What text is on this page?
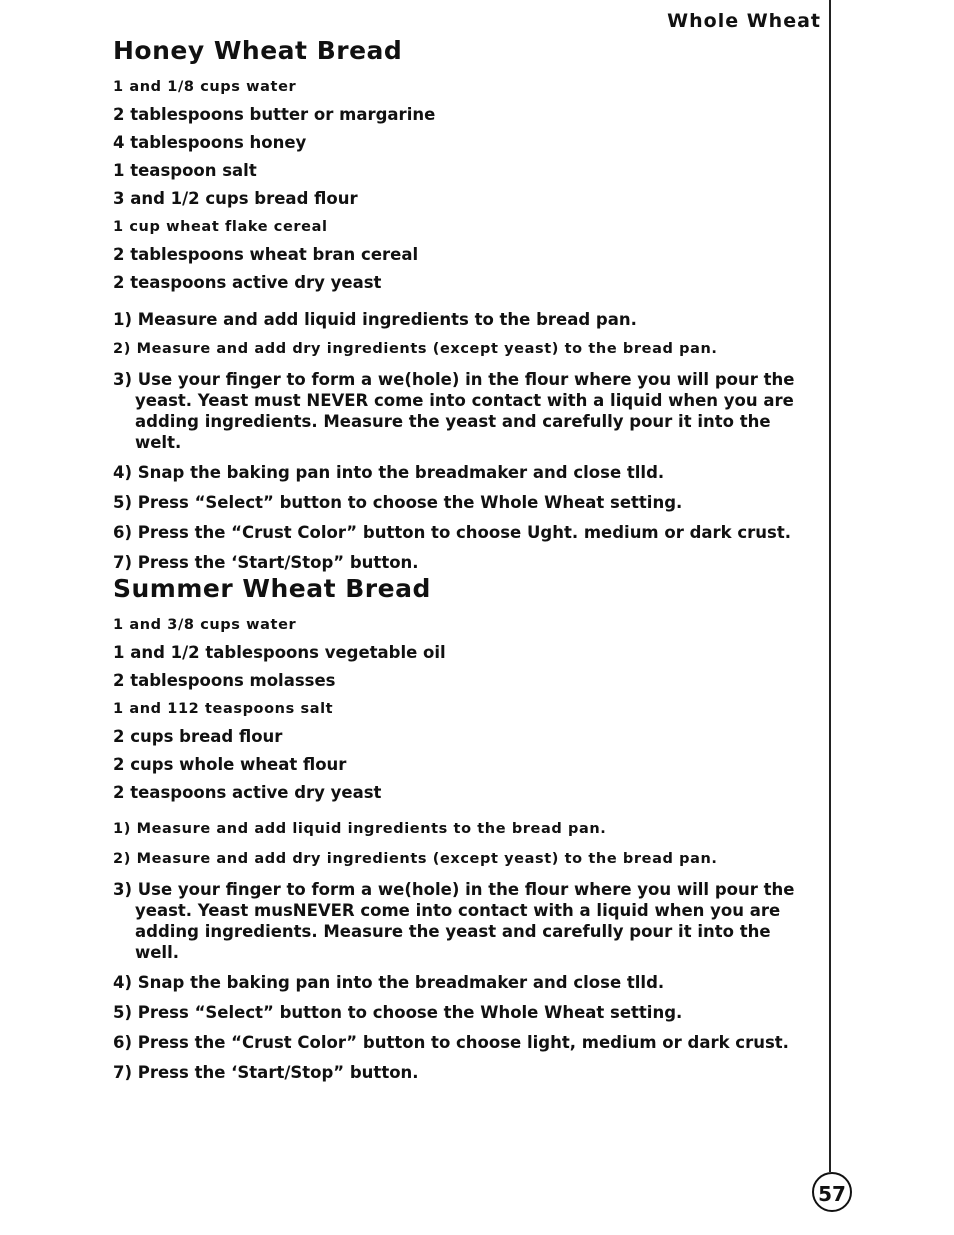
Whole Wheat
Honey Wheat Bread
1 and 1/8 cups water
2 tablespoons butter or margarine
4 tablespoons honey
1 teaspoon salt
3 and 1/2 cups bread flour
1 cup wheat flake cereal
2 tablespoons wheat bran cereal
2 teaspoons active dry yeast
1) Measure and add liquid ingredients to the bread pan.
2) Measure and add dry ingredients (except yeast) to the bread pan.
3) Use your finger to form a we(hole) in the flour where you will pour the yeast. Yeast must NEVER come into contact with a liquid when you are adding ingredients. Measure the yeast and carefully pour it into the welt.
4) Snap the baking pan into the breadmaker and close tlld.
5) Press “Select” button to choose the Whole Wheat setting.
6) Press the “Crust Color” button to choose Ught. medium or dark crust.
7) Press the ‘Start/Stop” button.
Summer Wheat Bread
1 and 3/8 cups water
1 and 1/2 tablespoons vegetable oil
2 tablespoons molasses
1 and 112 teaspoons salt
2 cups bread flour
2 cups whole wheat flour
2 teaspoons active dry yeast
1) Measure and add liquid ingredients to the bread pan.
2) Measure and add dry ingredients (except yeast) to the bread pan.
3) Use your finger to form a we(hole) in the flour where you will pour the yeast. Yeast musNEVER come into contact with a liquid when you are adding ingredients. Measure the yeast and carefully pour it into the well.
4) Snap the baking pan into the breadmaker and close tlld.
5) Press “Select” button to choose the Whole Wheat setting.
6) Press the “Crust Color” button to choose light, medium or dark crust.
7) Press the ‘Start/Stop” button.
57
